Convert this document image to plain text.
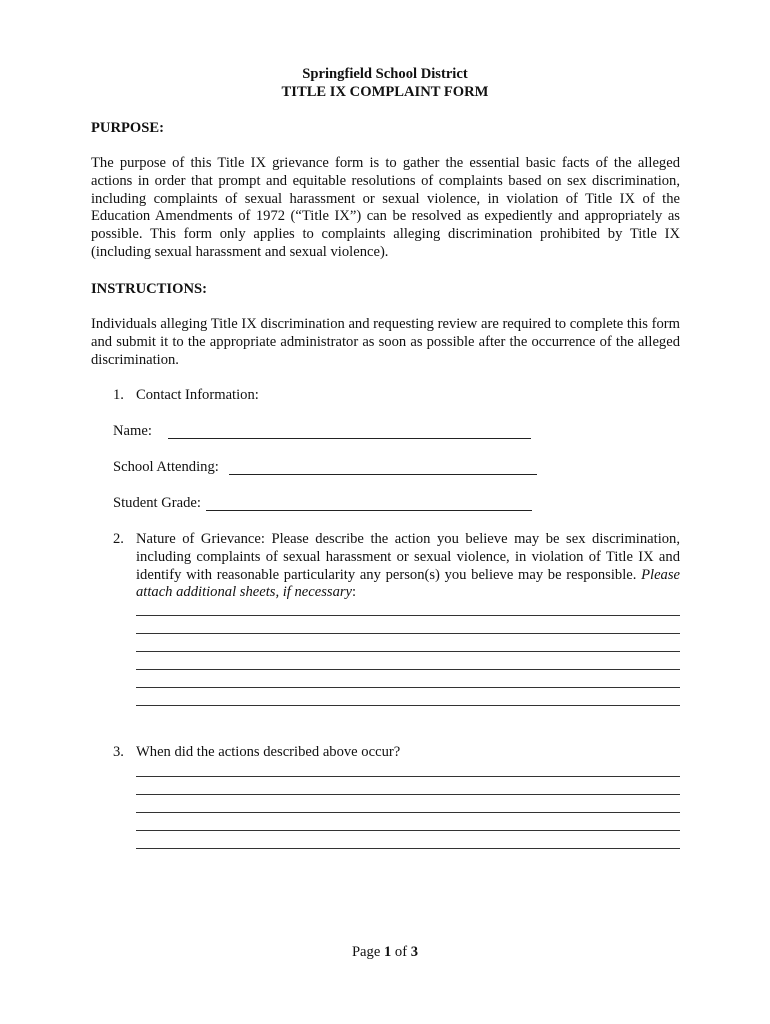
Springfield School District
TITLE IX COMPLAINT FORM
PURPOSE:
The purpose of this Title IX grievance form is to gather the essential basic facts of the alleged actions in order that prompt and equitable resolutions of complaints based on sex discrimination, including complaints of sexual harassment or sexual violence, in violation of Title IX of the Education Amendments of 1972 (“Title IX”) can be resolved as expediently and appropriately as possible. This form only applies to complaints alleging discrimination prohibited by Title IX (including sexual harassment and sexual violence).
INSTRUCTIONS:
Individuals alleging Title IX discrimination and requesting review are required to complete this form and submit it to the appropriate administrator as soon as possible after the occurrence of the alleged discrimination.
1. Contact Information:
Name:
School Attending:
Student Grade:
2. Nature of Grievance: Please describe the action you believe may be sex discrimination, including complaints of sexual harassment or sexual violence, in violation of Title IX and identify with reasonable particularity any person(s) you believe may be responsible. Please attach additional sheets, if necessary:
3. When did the actions described above occur?
Page 1 of 3
